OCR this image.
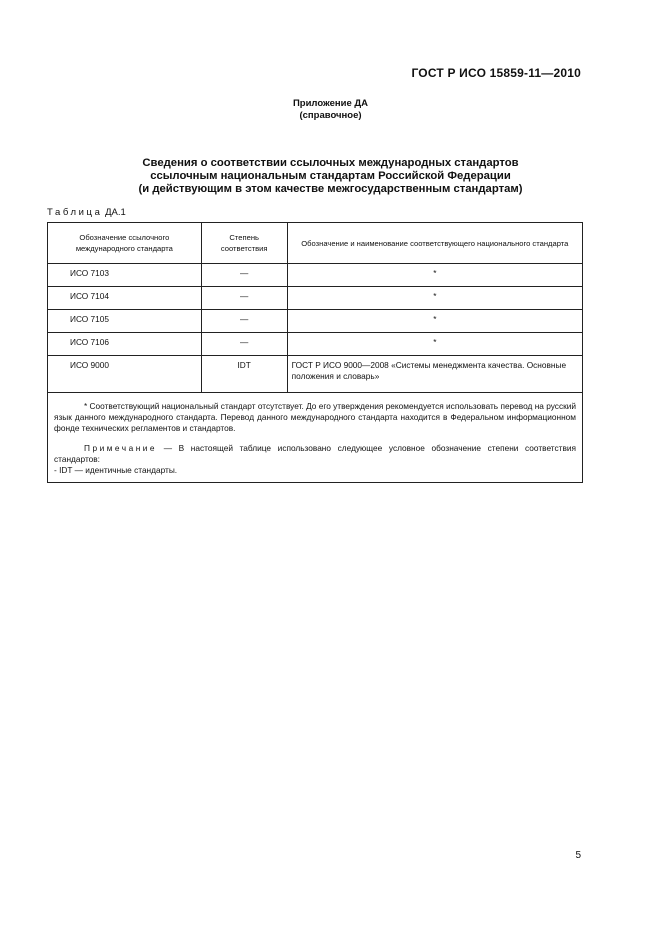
ГОСТ Р ИСО 15859-11—2010
Приложение ДА
(справочное)
Сведения о соответствии ссылочных международных стандартов
ссылочным национальным стандартам Российской Федерации
(и действующим в этом качестве межгосударственным стандартам)
Таблица ДА.1
Обозначение ссылочного международного стандарта	Степень соответствия	Обозначение и наименование соответствующего национального стандарта
ИСО 7103	—	*
ИСО 7104	—	*
ИСО 7105	—	*
ИСО 7106	—	*
ИСО 9000	IDT	ГОСТ Р ИСО 9000—2008 «Системы менеджмента качества. Основные положения и словарь»

* Соответствующий национальный стандарт отсутствует. До его утверждения рекомендуется использовать перевод на русский язык данного международного стандарта. Перевод данного международного стандарта находится в Федеральном информационном фонде технических регламентов и стандартов.

Примечание — В настоящей таблице использовано следующее условное обозначение степени соответствия стандартов:

- IDT — идентичные стандарты.		

5
